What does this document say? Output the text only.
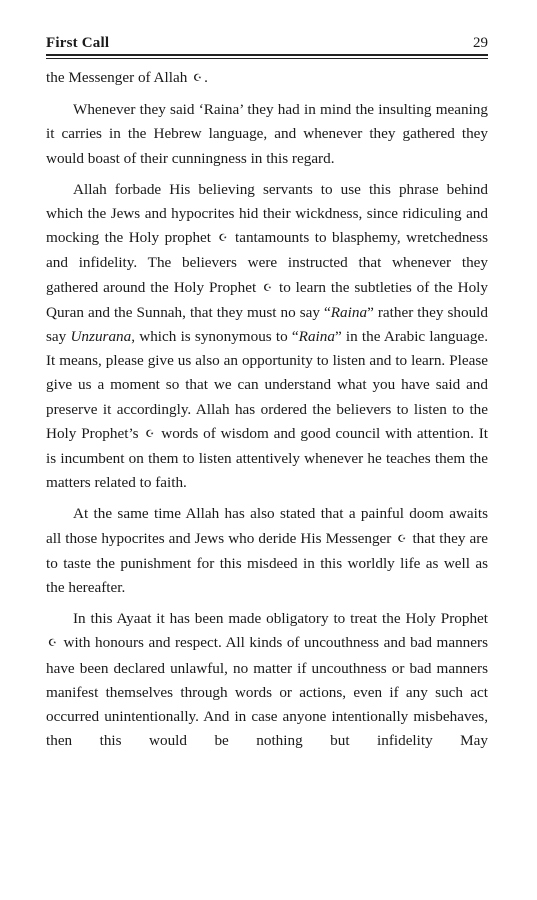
First Call	29

the Messenger of Allah ☪ .

Whenever they said ‘Raina’ they had in mind the insulting meaning it carries in the Hebrew language, and whenever they gathered they would boast of their cunningness in this regard.

Allah forbade His believing servants to use this phrase behind which the Jews and hypocrites hid their wickdness, since ridiculing and mocking the Holy prophet ☪ tantamounts to blasphemy, wretchedness and infidelity. The believers were instructed that whenever they gathered around the Holy Prophet ☪ to learn the subtleties of the Holy Quran and the Sunnah, that they must no say “Raina” rather they should say Unzurana, which is synonymous to “Raina” in the Arabic language. It means, please give us also an opportunity to listen and to learn. Please give us a moment so that we can understand what you have said and preserve it accordingly. Allah has ordered the believers to listen to the Holy Prophet’s ☪ words of wisdom and good council with attention. It is incumbent on them to listen attentively whenever he teaches them the matters related to faith.

At the same time Allah has also stated that a painful doom awaits all those hypocrites and Jews who deride His Messenger ☪ that they are to taste the punishment for this misdeed in this worldly life as well as the hereafter.

In this Ayaat it has been made obligatory to treat the Holy Prophet ☪ with honours and respect. All kinds of uncouthness and bad manners have been declared unlawful, no matter if uncouthness or bad manners manifest themselves through words or actions, even if any such act occurred unintentionally. And in case anyone intentionally misbehaves, then this would be nothing but infidelity May
